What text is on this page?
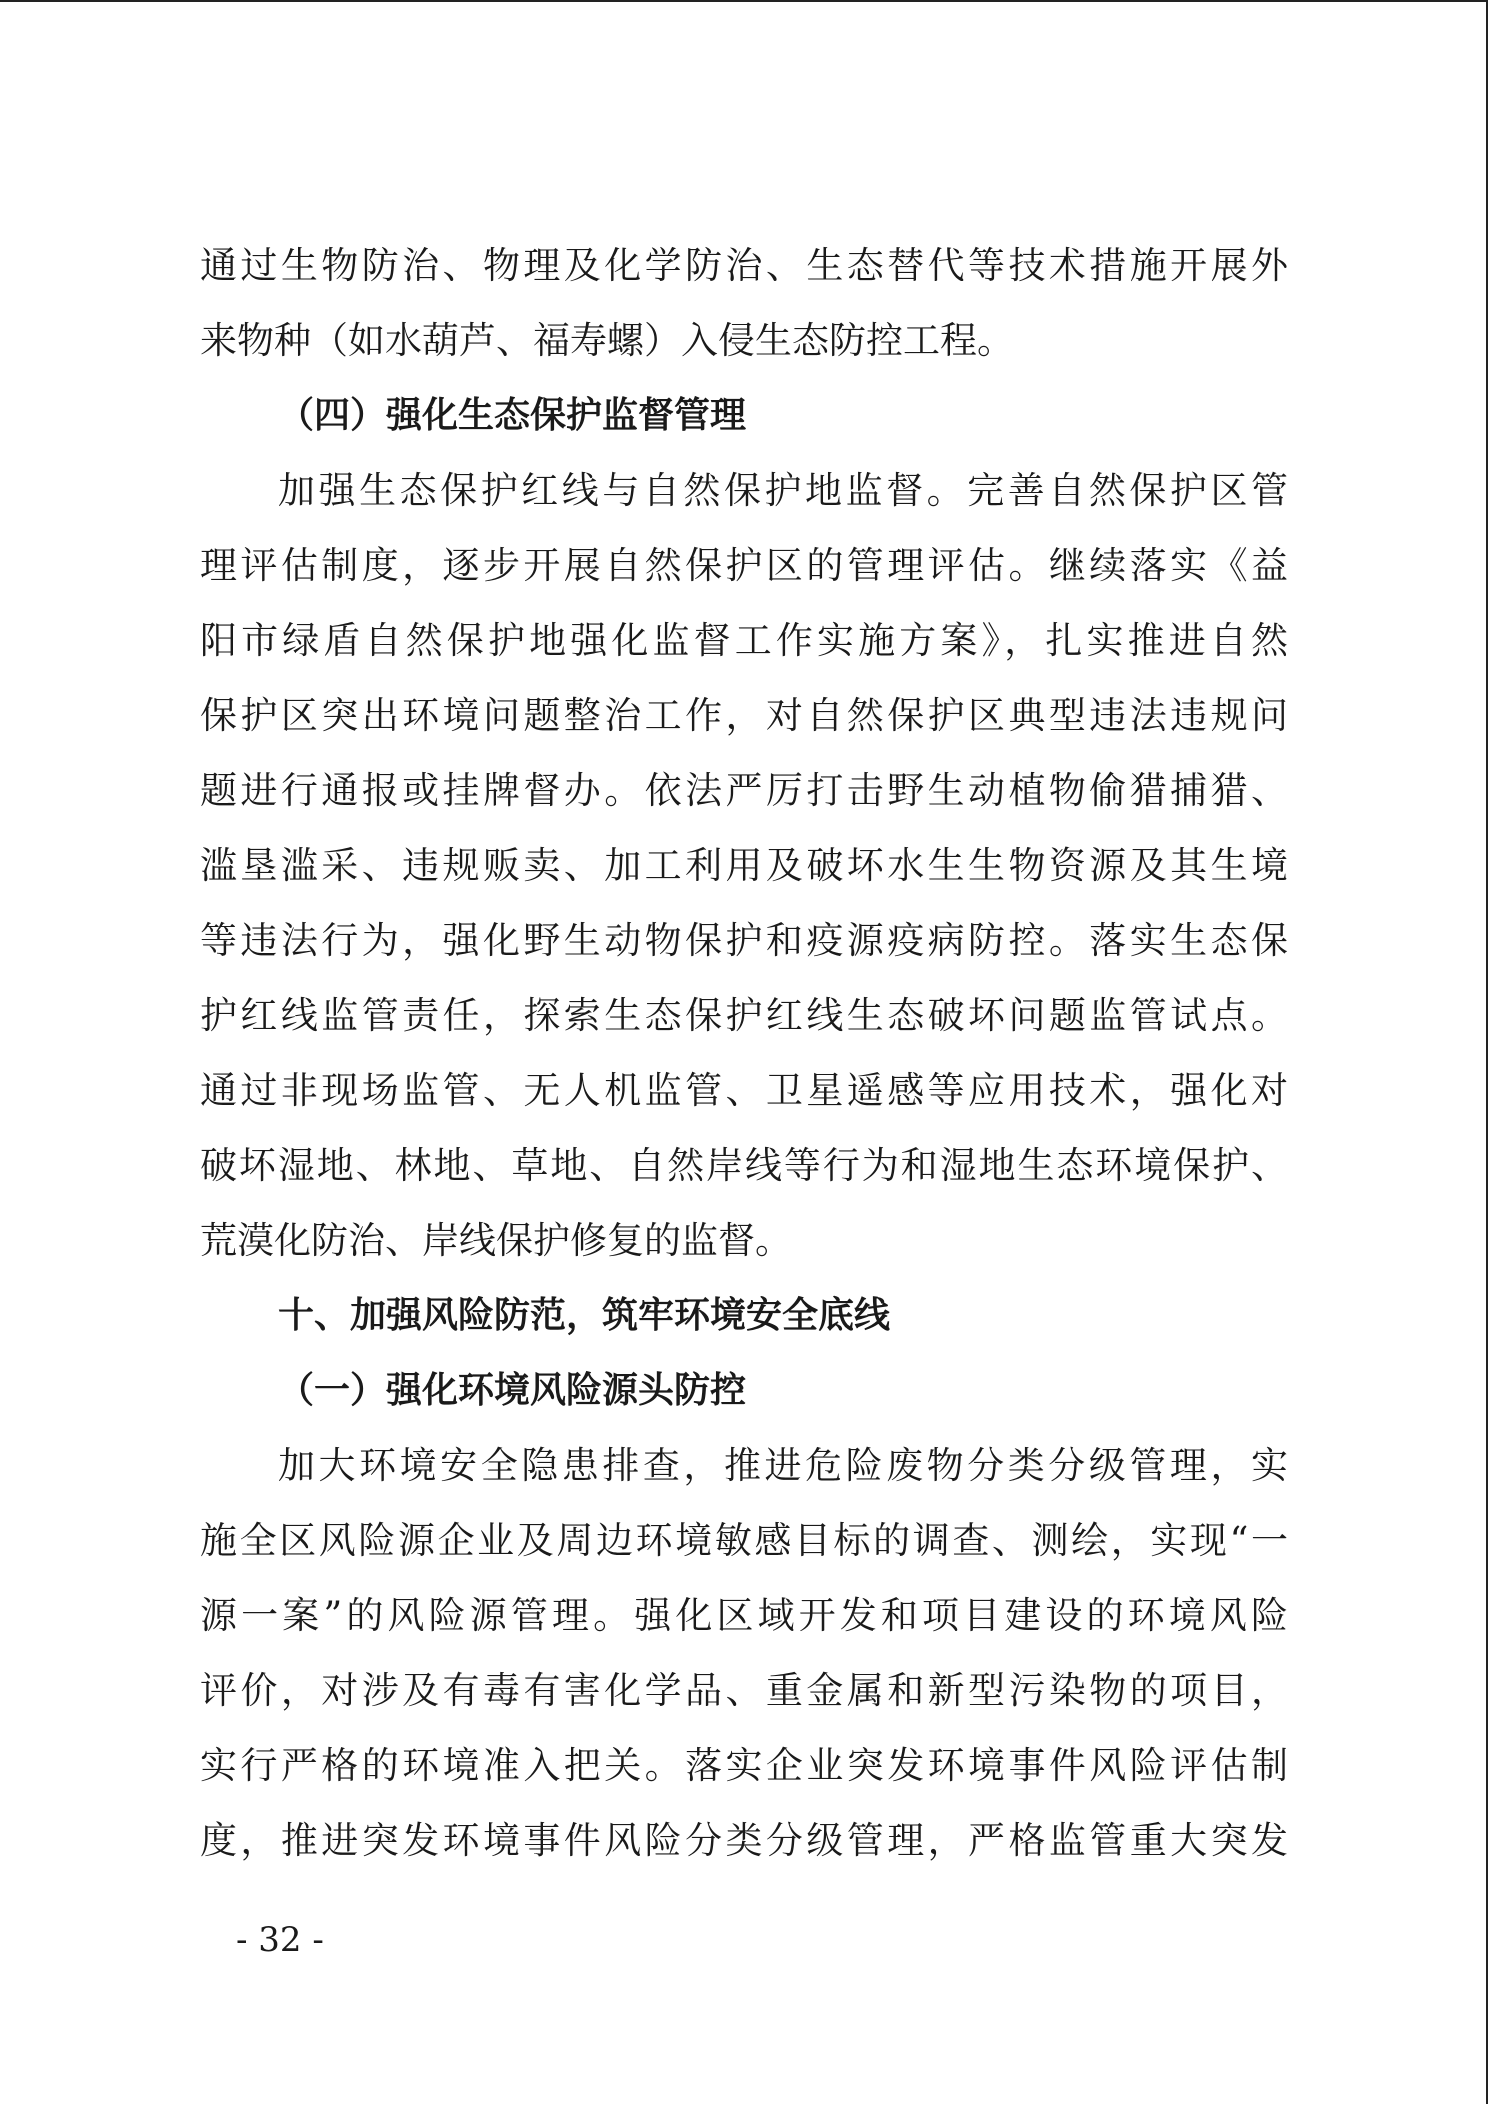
通过生物防治、物理及化学防治、生态替代等技术措施开展外
来物种（如水葫芦、福寿螺）入侵生态防控工程。
（四）强化生态保护监督管理
加强生态保护红线与自然保护地监督。完善自然保护区管
理评估制度，逐步开展自然保护区的管理评估。继续落实《益
阳市绿盾自然保护地强化监督工作实施方案》，扎实推进自然
保护区突出环境问题整治工作，对自然保护区典型违法违规问
题进行通报或挂牌督办。依法严厉打击野生动植物偷猎捕猎、
滥垦滥采、违规贩卖、加工利用及破坏水生生物资源及其生境
等违法行为，强化野生动物保护和疫源疫病防控。落实生态保
护红线监管责任，探索生态保护红线生态破坏问题监管试点。
通过非现场监管、无人机监管、卫星遥感等应用技术，强化对
破坏湿地、林地、草地、自然岸线等行为和湿地生态环境保护、
荒漠化防治、岸线保护修复的监督。
十、加强风险防范，筑牢环境安全底线
（一）强化环境风险源头防控
加大环境安全隐患排查，推进危险废物分类分级管理，实
施全区风险源企业及周边环境敏感目标的调查、测绘，实现“一
源一案”的风险源管理。强化区域开发和项目建设的环境风险
评价，对涉及有毒有害化学品、重金属和新型污染物的项目，
实行严格的环境准入把关。落实企业突发环境事件风险评估制
度，推进突发环境事件风险分类分级管理，严格监管重大突发
- 32 -
